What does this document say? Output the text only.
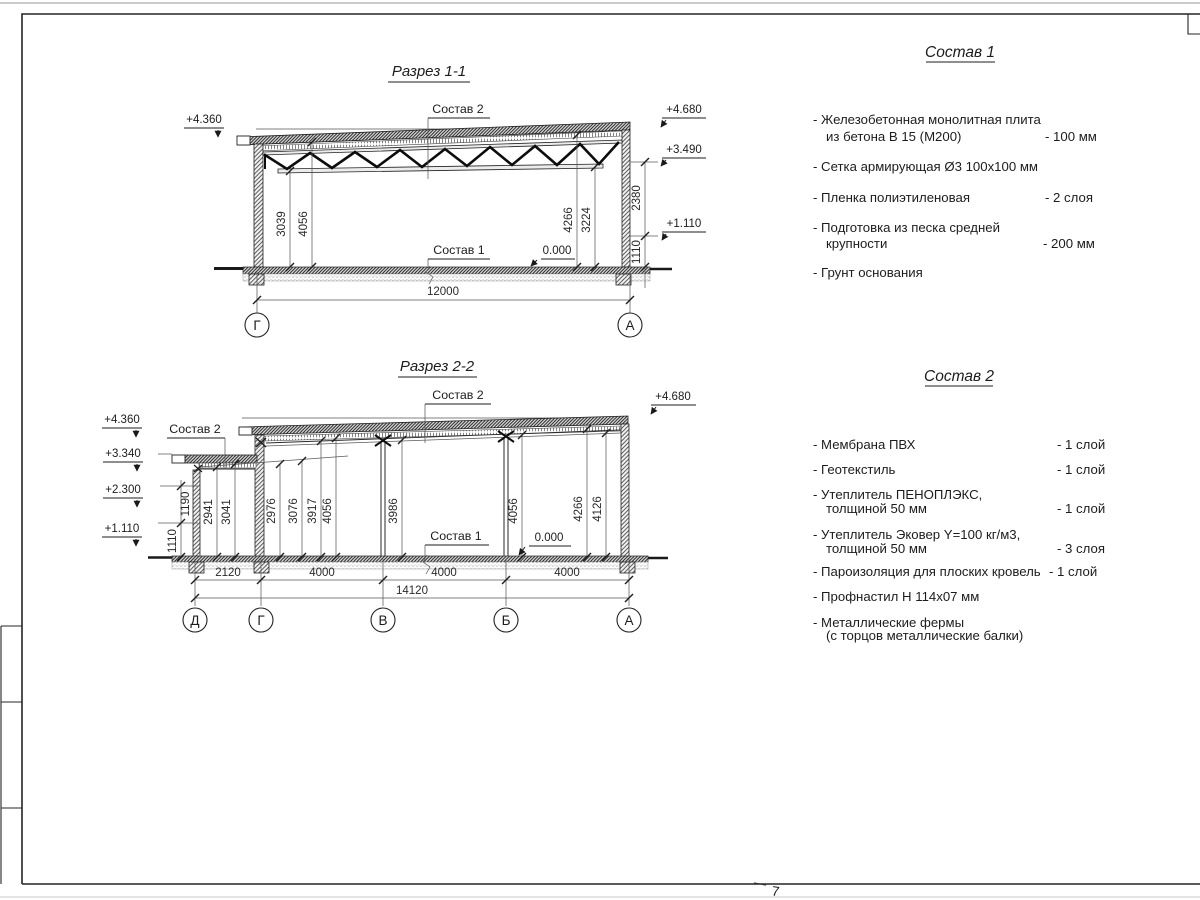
7
Разрез 1-1
3039 4056	4266 3224
2380
1110
12000
+4.360
+4.680
+3.490
+1.110
Состав 2
Состав 1	0.000
Г	А
Разрез 2-2
+4.360
+3.340
+2.300
+1.110
+4.680
1110
1190 2941 3041	2976 3076 3917 4056	3986	4056	4266 4126
2120	4000	4000	4000
14120
Состав 2
Состав 2
Состав 1	0.000
Д	Г	В	Б	А
Состав 1
- Железобетонная монолитная плита
из бетона В 15 (М200)	- 100 мм
- Сетка армирующая Ø3 100х100 мм
- Пленка полиэтиленовая	- 2 слоя
- Подготовка из песка средней
крупности	- 200 мм
- Грунт основания
Состав 2
- Мембрана ПВХ	- 1 слой
- Геотекстиль	- 1 слой
- Утеплитель ПЕНОПЛЭКС,
толщиной 50 мм	- 1 слой
- Утеплитель Эковер Y=100 кг/м3,
толщиной 50 мм	- 3 слоя
- Пароизоляция для плоских кровель - 1 слой
- Профнастил Н 114х07 мм
- Металлические фермы
(с торцов металлические балки)
